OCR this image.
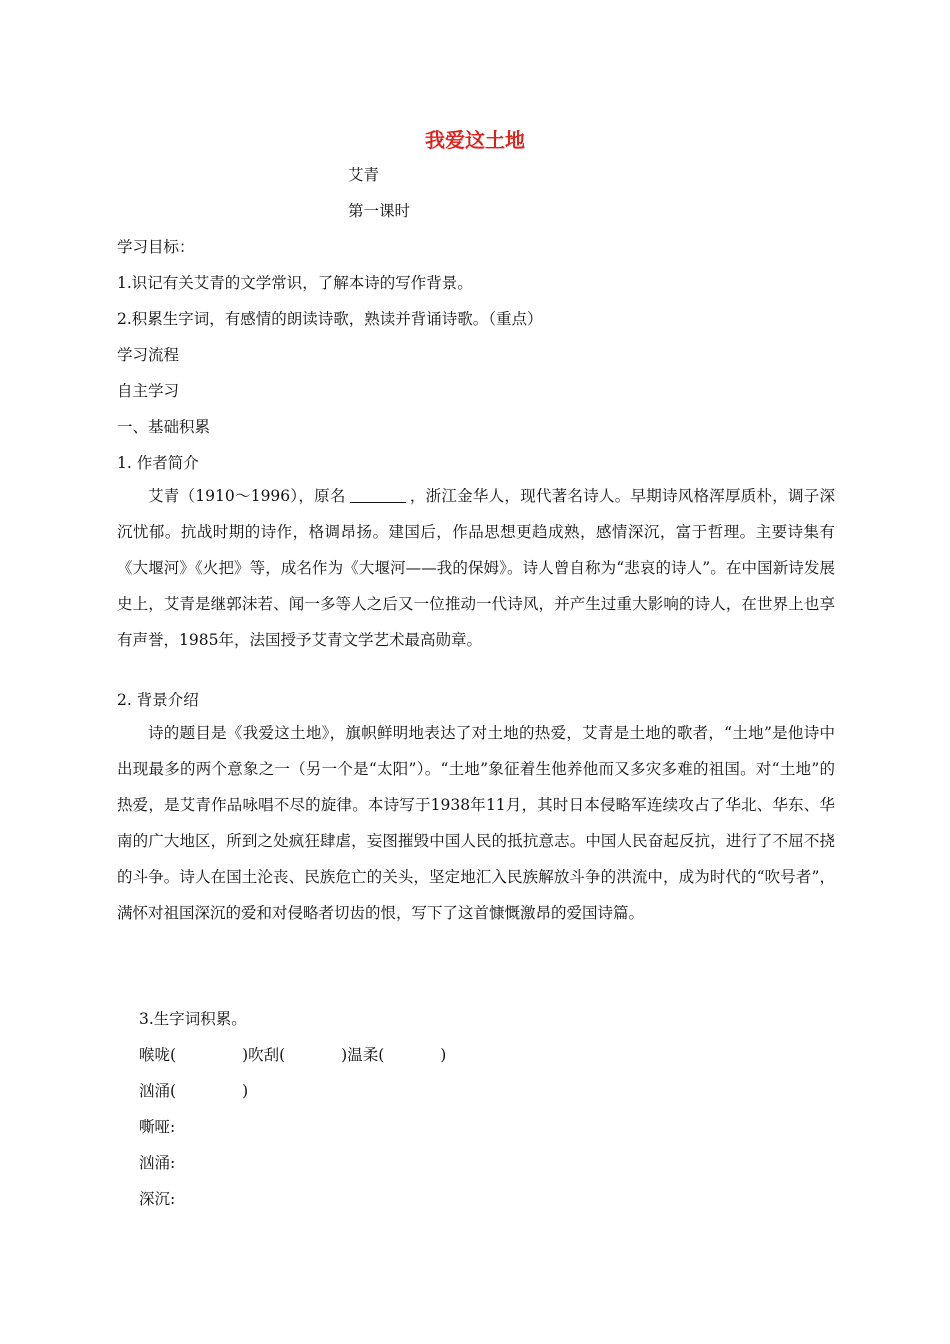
我爱这土地
艾青
第一课时
学习目标：
1.识记有关艾青的文学常识，了解本诗的写作背景。
2.积累生字词，有感情的朗读诗歌，熟读并背诵诗歌。（重点）
学习流程
自主学习
一、基础积累
1. 作者简介
艾青（1910～1996），原名	，浙江金华人，现代著名诗人。早期诗风格浑厚质朴，调子深沉忧郁。抗战时期的诗作，格调昂扬。建国后，作品思想更趋成熟，感情深沉，富于哲理。主要诗集有《大堰河》《火把》等，成名作为《大堰河——我的保姆》。诗人曾自称为“悲哀的诗人”。在中国新诗发展史上，艾青是继郭沫若、闻一多等人之后又一位推动一代诗风，并产生过重大影响的诗人，在世界上也享有声誉，1985年，法国授予艾青文学艺术最高勋章。
2. 背景介绍
诗的题目是《我爱这土地》，旗帜鲜明地表达了对土地的热爱，艾青是土地的歌者，“土地”是他诗中出现最多的两个意象之一（另一个是“太阳”）。“土地”象征着生他养他而又多灾多难的祖国。对“土地”的热爱，是艾青作品咏唱不尽的旋律。本诗写于1938年11月，其时日本侵略军连续攻占了华北、华东、华南的广大地区，所到之处疯狂肆虐，妄图摧毁中国人民的抵抗意志。中国人民奋起反抗，进行了不屈不挠的斗争。诗人在国土沦丧、民族危亡的关头，坚定地汇入民族解放斗争的洪流中，成为时代的“吹号者”，满怀对祖国深沉的爱和对侵略者切齿的恨，写下了这首慷慨激昂的爱国诗篇。
3.生字词积累。
喉咙(	)吹刮(	)温柔(	)
汹涌(	)
嘶哑:
汹涌:
深沉:
